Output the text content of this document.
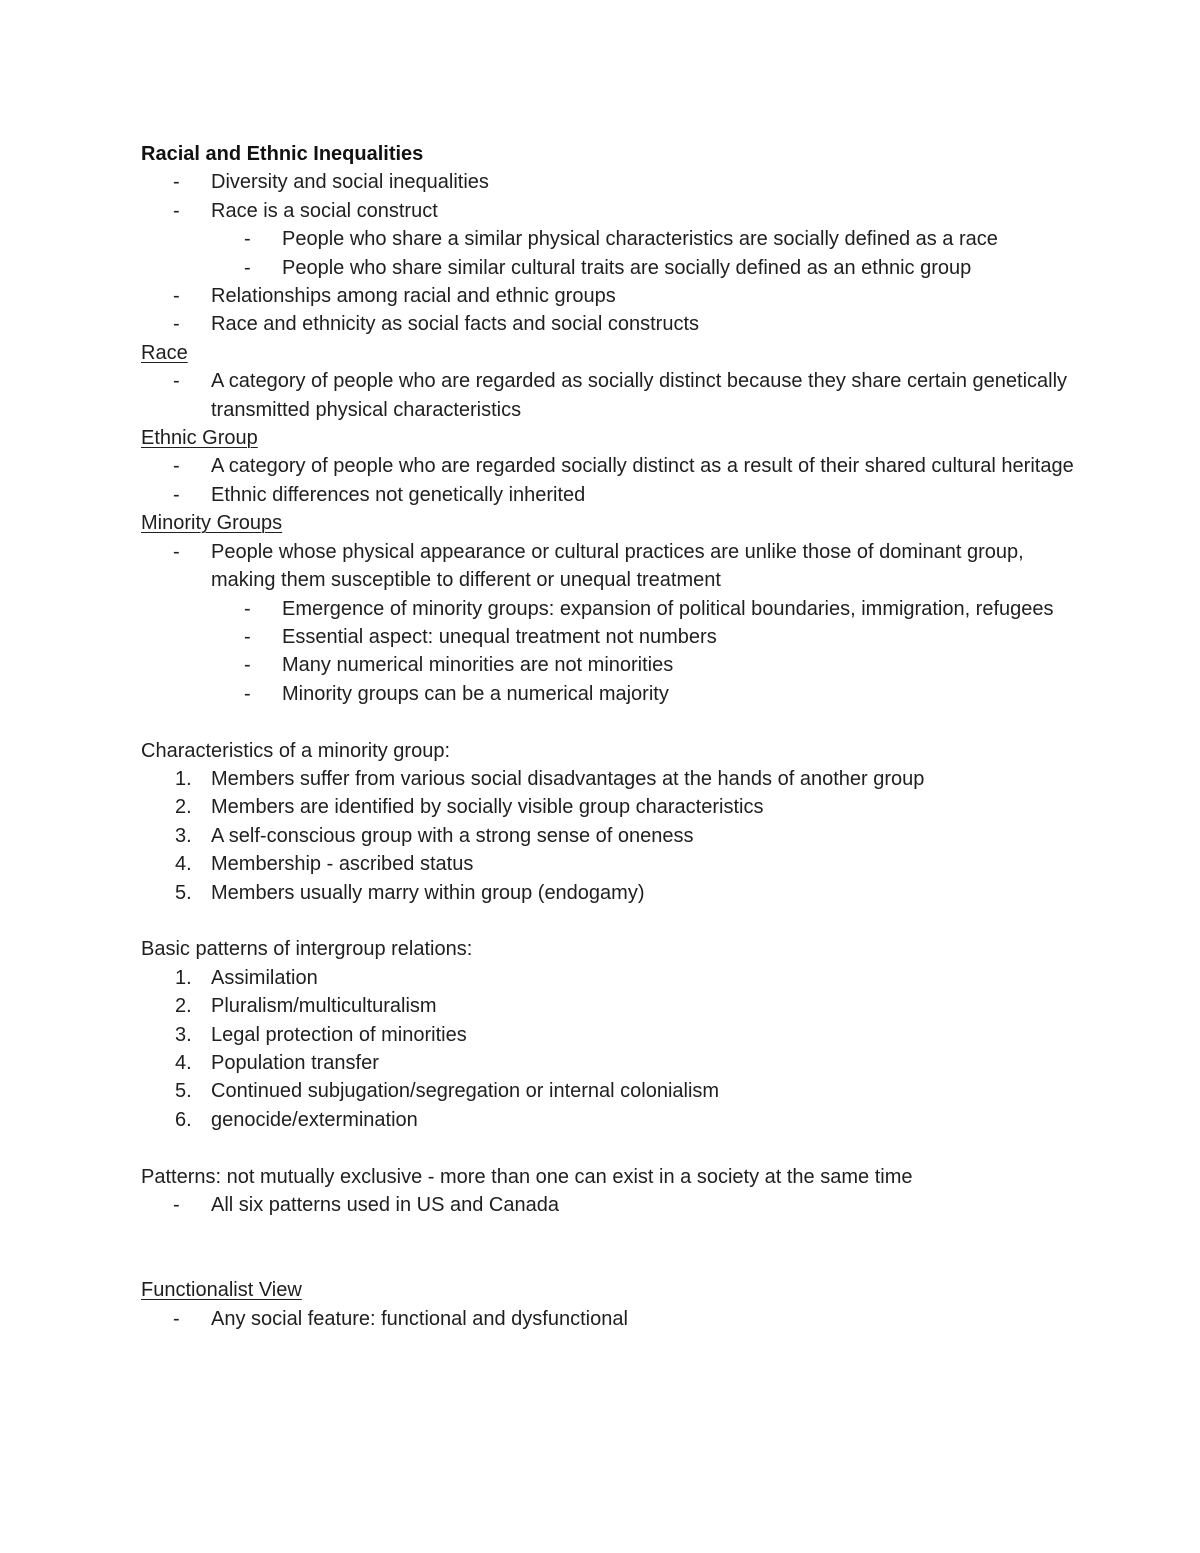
Racial and Ethnic Inequalities

- Diversity and social inequalities
- Race is a social construct
- People who share a similar physical characteristics are socially defined as a race
- People who share similar cultural traits are socially defined as an ethnic group
- Relationships among racial and ethnic groups
- Race and ethnicity as social facts and social constructs

Race

- A category of people who are regarded as socially distinct because they share certain genetically transmitted physical characteristics

Ethnic Group

- A category of people who are regarded socially distinct as a result of their shared cultural heritage
- Ethnic differences not genetically inherited

Minority Groups

- People whose physical appearance or cultural practices are unlike those of dominant group, making them susceptible to different or unequal treatment
- Emergence of minority groups: expansion of political boundaries, immigration, refugees
- Essential aspect: unequal treatment not numbers
- Many numerical minorities are not minorities
- Minority groups can be a numerical majority

Characteristics of a minority group:

1. Members suffer from various social disadvantages at the hands of another group
2. Members are identified by socially visible group characteristics
3. A self-conscious group with a strong sense of oneness
4. Membership - ascribed status
5. Members usually marry within group (endogamy)

Basic patterns of intergroup relations:

1. Assimilation
2. Pluralism/multiculturalism
3. Legal protection of minorities
4. Population transfer
5. Continued subjugation/segregation or internal colonialism
6. genocide/extermination

Patterns: not mutually exclusive - more than one can exist in a society at the same time

- All six patterns used in US and Canada

Functionalist View

- Any social feature: functional and dysfunctional
